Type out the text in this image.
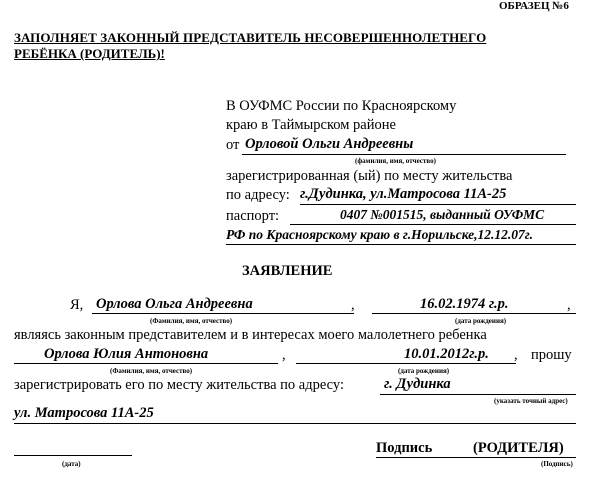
ОБРАЗЕЦ №6
ЗАПОЛНЯЕТ ЗАКОННЫЙ ПРЕДСТАВИТЕЛЬ НЕСОВЕРШЕННОЛЕТНЕГО
РЕБЁНКА (РОДИТЕЛЬ)!
В ОУФМС России по Красноярскому
краю в Таймырском районе
от Орловой Ольги Андреевны
(фамилия, имя, отчество)
зарегистрированная (ый) по месту жительства
по адресу: г.Дудинка, ул.Матросова 11А-25
паспорт:	0407 №001515, выданный ОУФМС
РФ по Красноярскому краю в г.Норильске,12.12.07г.
ЗАЯВЛЕНИЕ
Я, Орлова Ольга Андреевна	,	16.02.1974 г.р.	,
(Фамилия, имя, отчество)	(дата рождения)
являясь законным представителем и в интересах моего малолетнего ребенка
Орлова Юлия Антоновна	,	10.01.2012г.р. , прошу
(Фамилия, имя, отчество)	(дата рождения)
зарегистрировать его по месту жительства по адресу:	г. Дудинка
(указать точный адрес)
ул. Матросова 11А-25
Подпись	(РОДИТЕЛЯ)
(дата)	(Подпись)
